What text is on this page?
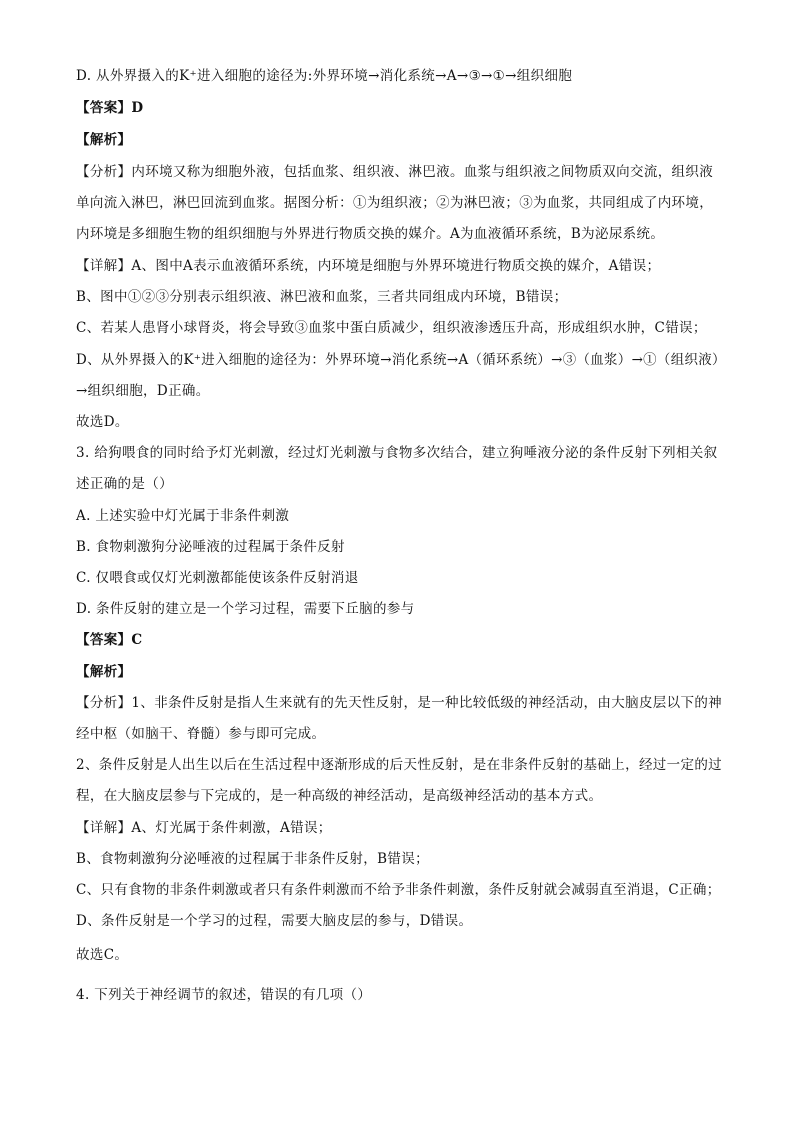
D. 从外界摄入的K⁺进入细胞的途径为:外界环境→消化系统→A→③→①→组织细胞
【答案】D
【解析】
【分析】内环境又称为细胞外液，包括血浆、组织液、淋巴液。血浆与组织液之间物质双向交流，组织液
单向流入淋巴，淋巴回流到血浆。据图分析：①为组织液；②为淋巴液；③为血浆，共同组成了内环境，
内环境是多细胞生物的组织细胞与外界进行物质交换的媒介。A为血液循环系统，B为泌尿系统。
【详解】A、图中A表示血液循环系统，内环境是细胞与外界环境进行物质交换的媒介，A错误；
B、图中①②③分别表示组织液、淋巴液和血浆，三者共同组成内环境，B错误；
C、若某人患肾小球肾炎，将会导致③血浆中蛋白质减少，组织液渗透压升高，形成组织水肿，C错误；
D、从外界摄入的K⁺进入细胞的途径为：外界环境→消化系统→A（循环系统）→③（血浆）→①（组织液）
→组织细胞，D正确。
故选D。
3. 给狗喂食的同时给予灯光刺激，经过灯光刺激与食物多次结合，建立狗唾液分泌的条件反射下列相关叙
述正确的是（）
A. 上述实验中灯光属于非条件刺激
B. 食物刺激狗分泌唾液的过程属于条件反射
C. 仅喂食或仅灯光刺激都能使该条件反射消退
D. 条件反射的建立是一个学习过程，需要下丘脑的参与
【答案】C
【解析】
【分析】1、非条件反射是指人生来就有的先天性反射，是一种比较低级的神经活动，由大脑皮层以下的神
经中枢（如脑干、脊髓）参与即可完成。
2、条件反射是人出生以后在生活过程中逐渐形成的后天性反射，是在非条件反射的基础上，经过一定的过
程，在大脑皮层参与下完成的，是一种高级的神经活动，是高级神经活动的基本方式。
【详解】A、灯光属于条件刺激，A错误；
B、食物刺激狗分泌唾液的过程属于非条件反射，B错误；
C、只有食物的非条件刺激或者只有条件刺激而不给予非条件刺激，条件反射就会减弱直至消退，C正确；
D、条件反射是一个学习的过程，需要大脑皮层的参与，D错误。
故选C。
4. 下列关于神经调节的叙述，错误的有几项（）
